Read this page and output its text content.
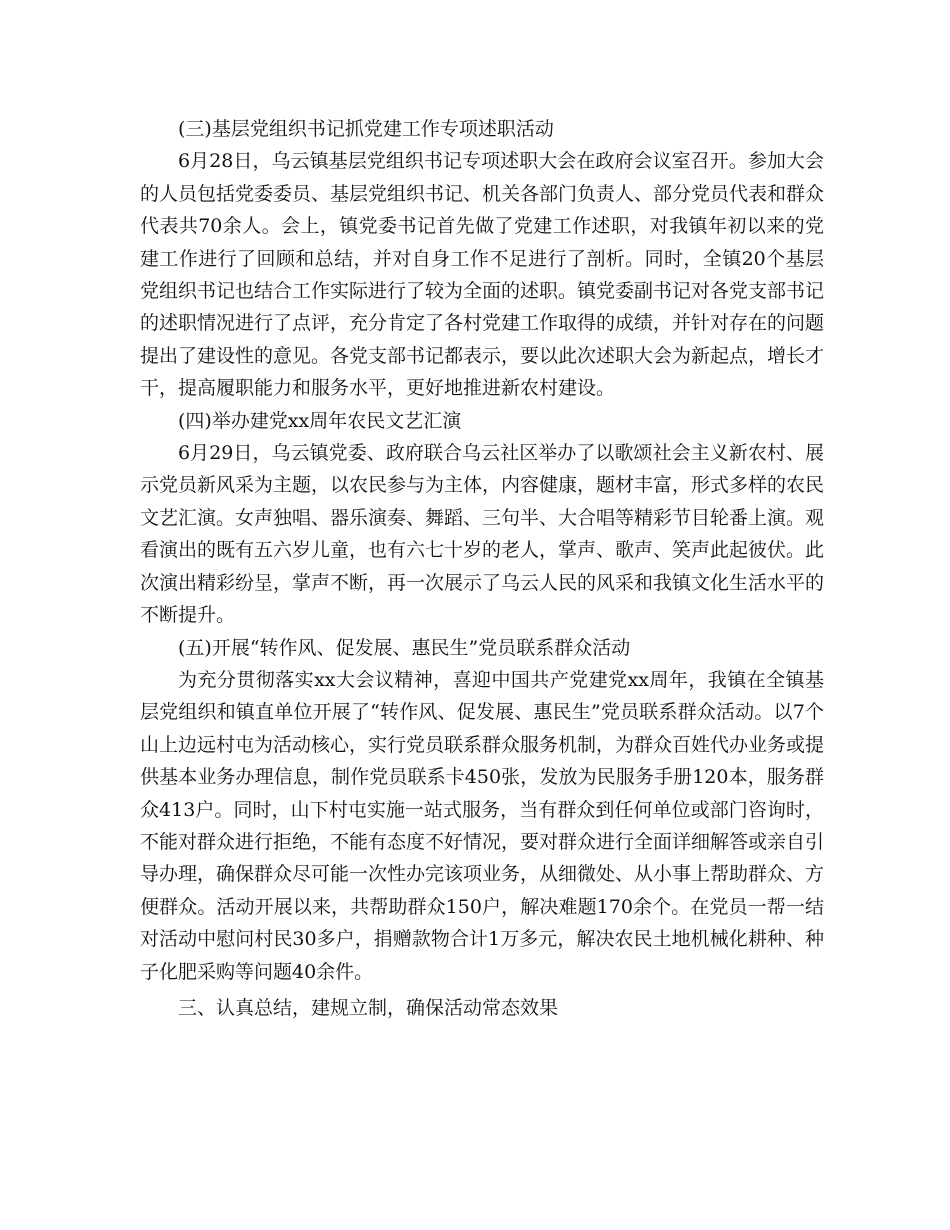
(三)基层党组织书记抓党建工作专项述职活动

6月28日，乌云镇基层党组织书记专项述职大会在政府会议室召开。参加大会的人员包括党委委员、基层党组织书记、机关各部门负责人、部分党员代表和群众代表共70余人。会上，镇党委书记首先做了党建工作述职，对我镇年初以来的党建工作进行了回顾和总结，并对自身工作不足进行了剖析。同时，全镇20个基层党组织书记也结合工作实际进行了较为全面的述职。镇党委副书记对各党支部书记的述职情况进行了点评，充分肯定了各村党建工作取得的成绩，并针对存在的问题提出了建设性的意见。各党支部书记都表示，要以此次述职大会为新起点，增长才干，提高履职能力和服务水平，更好地推进新农村建设。

(四)举办建党xx周年农民文艺汇演

6月29日，乌云镇党委、政府联合乌云社区举办了以歌颂社会主义新农村、展示党员新风采为主题，以农民参与为主体，内容健康，题材丰富，形式多样的农民文艺汇演。女声独唱、器乐演奏、舞蹈、三句半、大合唱等精彩节目轮番上演。观看演出的既有五六岁儿童，也有六七十岁的老人，掌声、歌声、笑声此起彼伏。此次演出精彩纷呈，掌声不断，再一次展示了乌云人民的风采和我镇文化生活水平的不断提升。

(五)开展“转作风、促发展、惠民生”党员联系群众活动

为充分贯彻落实xx大会议精神，喜迎中国共产党建党xx周年，我镇在全镇基层党组织和镇直单位开展了“转作风、促发展、惠民生”党员联系群众活动。以7个山上边远村屯为活动核心，实行党员联系群众服务机制，为群众百姓代办业务或提供基本业务办理信息，制作党员联系卡450张，发放为民服务手册120本，服务群众413户。同时，山下村屯实施一站式服务，当有群众到任何单位或部门咨询时，不能对群众进行拒绝，不能有态度不好情况，要对群众进行全面详细解答或亲自引导办理，确保群众尽可能一次性办完该项业务，从细微处、从小事上帮助群众、方便群众。活动开展以来，共帮助群众150户，解决难题170余个。在党员一帮一结对活动中慰问村民30多户，捐赠款物合计1万多元，解决农民土地机械化耕种、种子化肥采购等问题40余件。

三、认真总结，建规立制，确保活动常态效果
